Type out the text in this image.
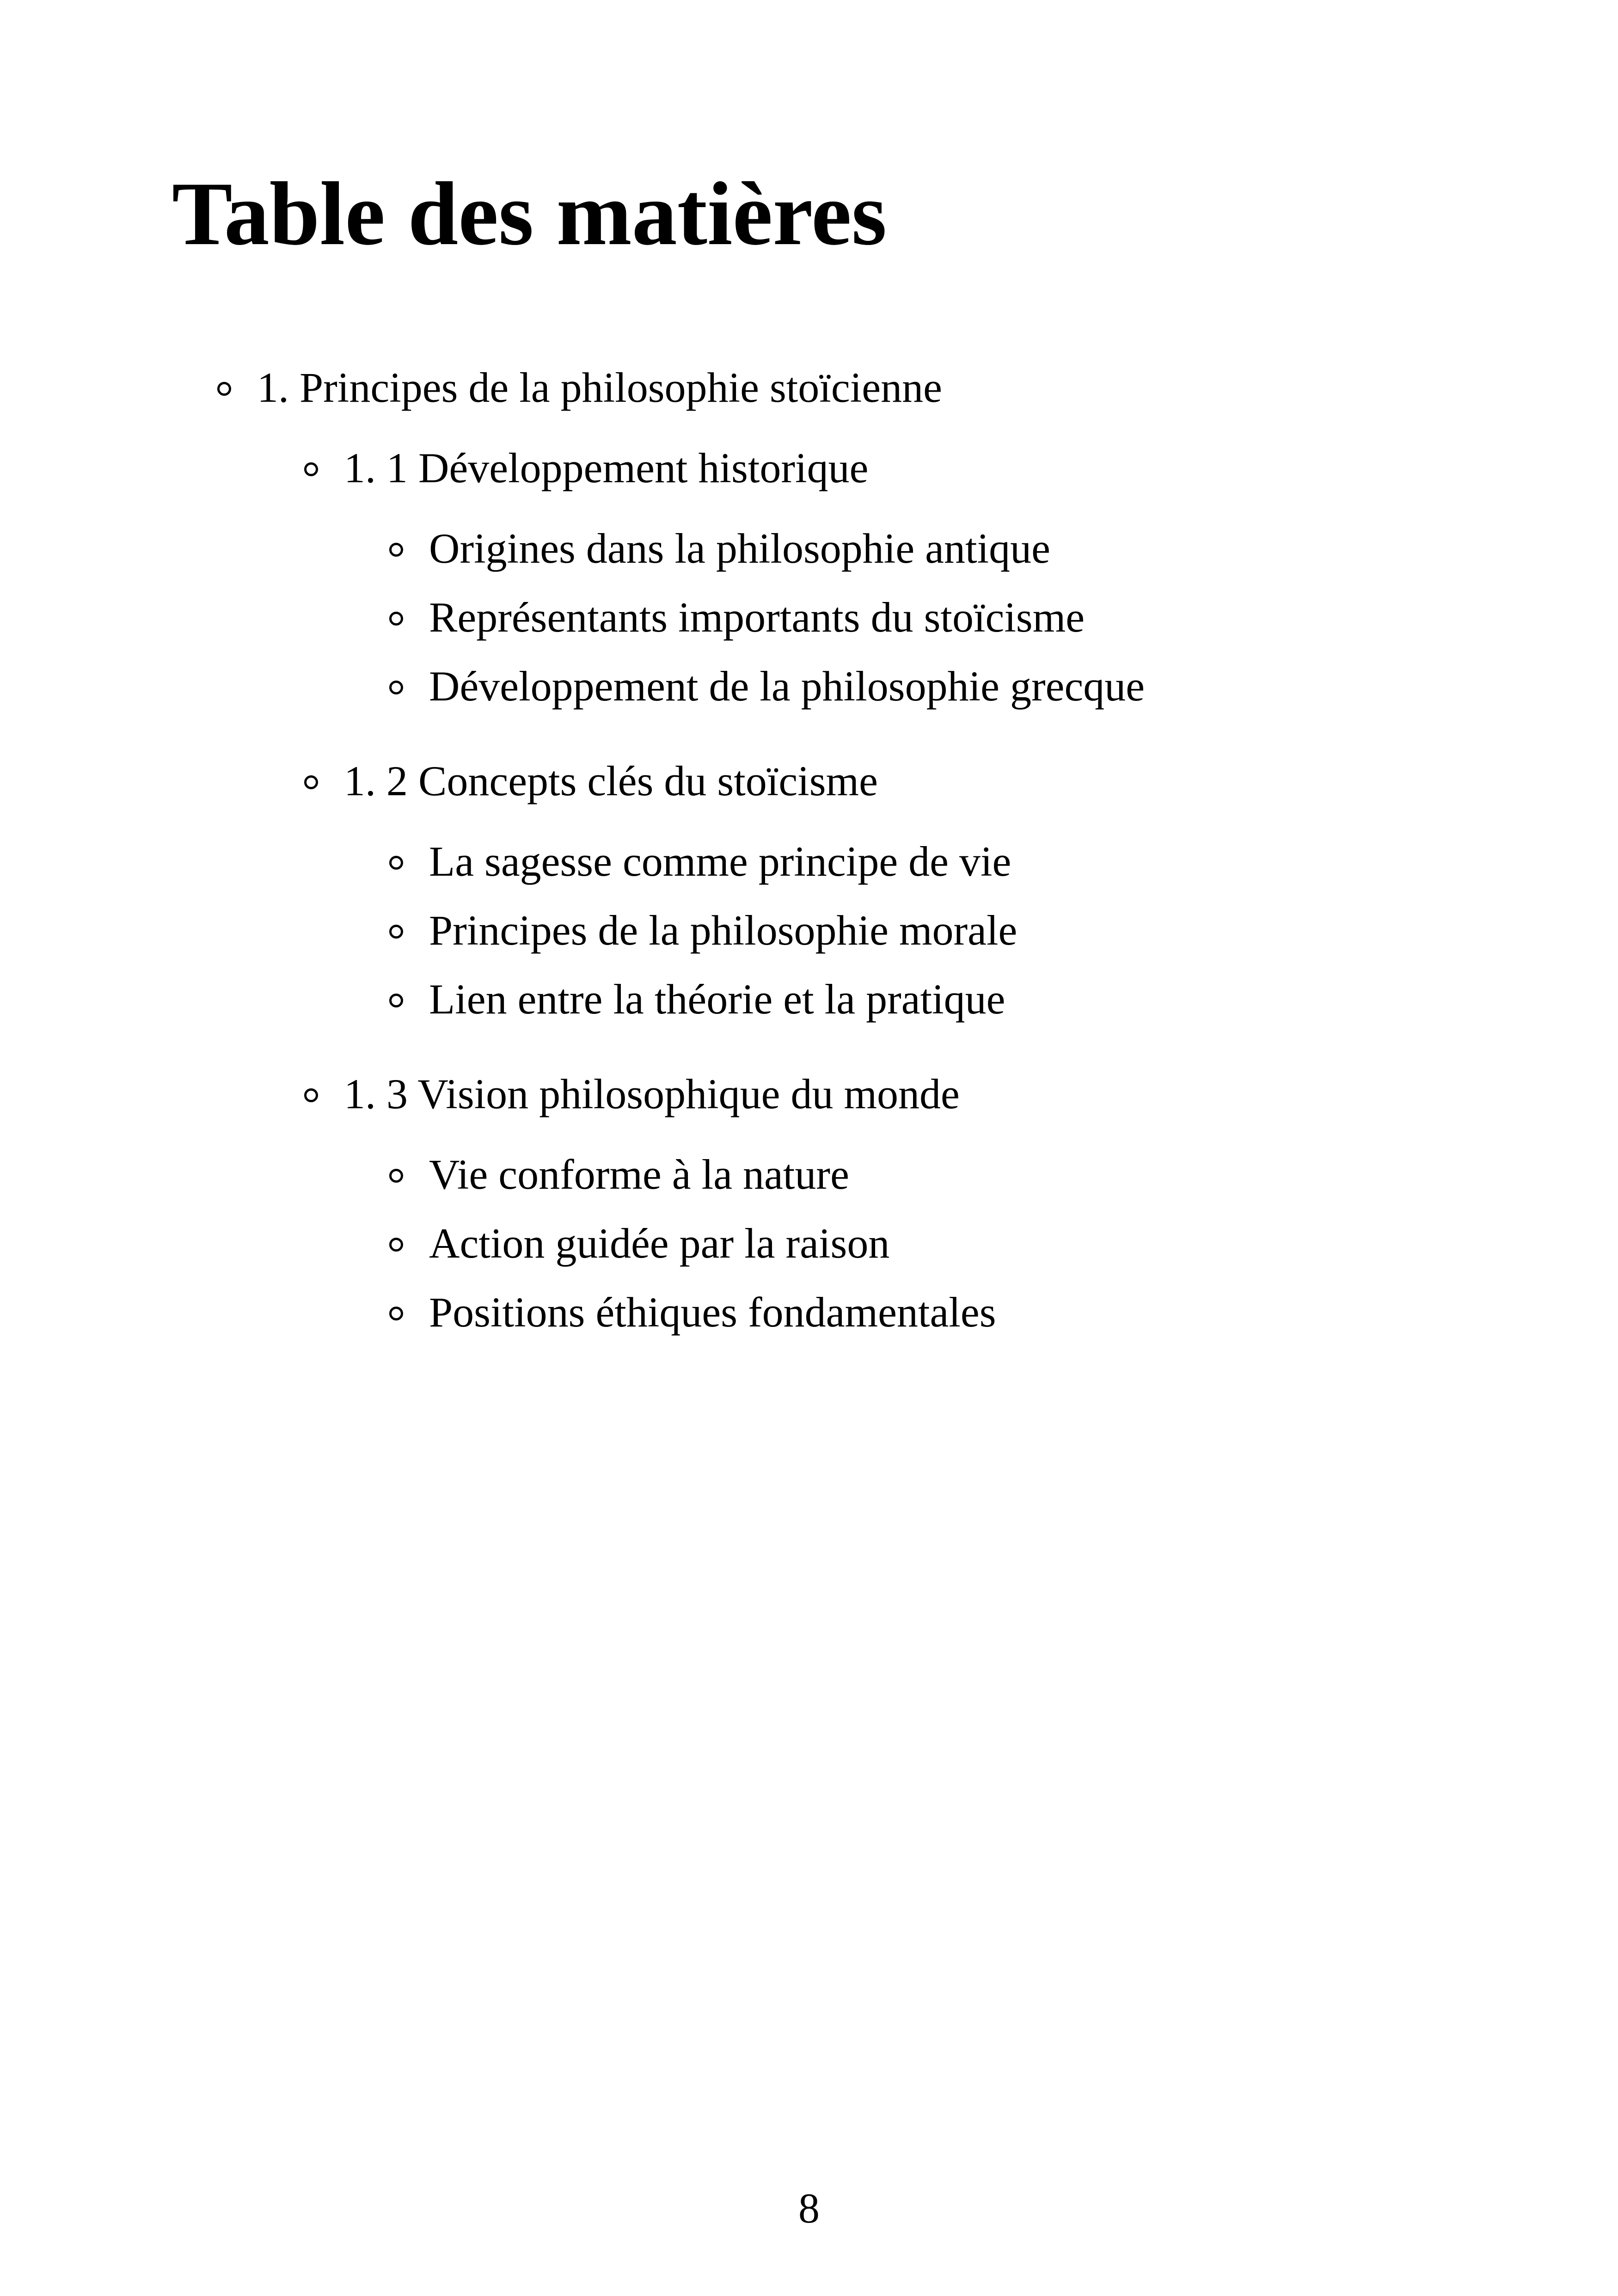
Table des matières

1. Principes de la philosophie stoïcienne

1. 1 Développement historique

Origines dans la philosophie antique

Représentants importants du stoïcisme

Développement de la philosophie grecque

1. 2 Concepts clés du stoïcisme

La sagesse comme principe de vie

Principes de la philosophie morale

Lien entre la théorie et la pratique

1. 3 Vision philosophique du monde

Vie conforme à la nature

Action guidée par la raison

Positions éthiques fondamentales

8
